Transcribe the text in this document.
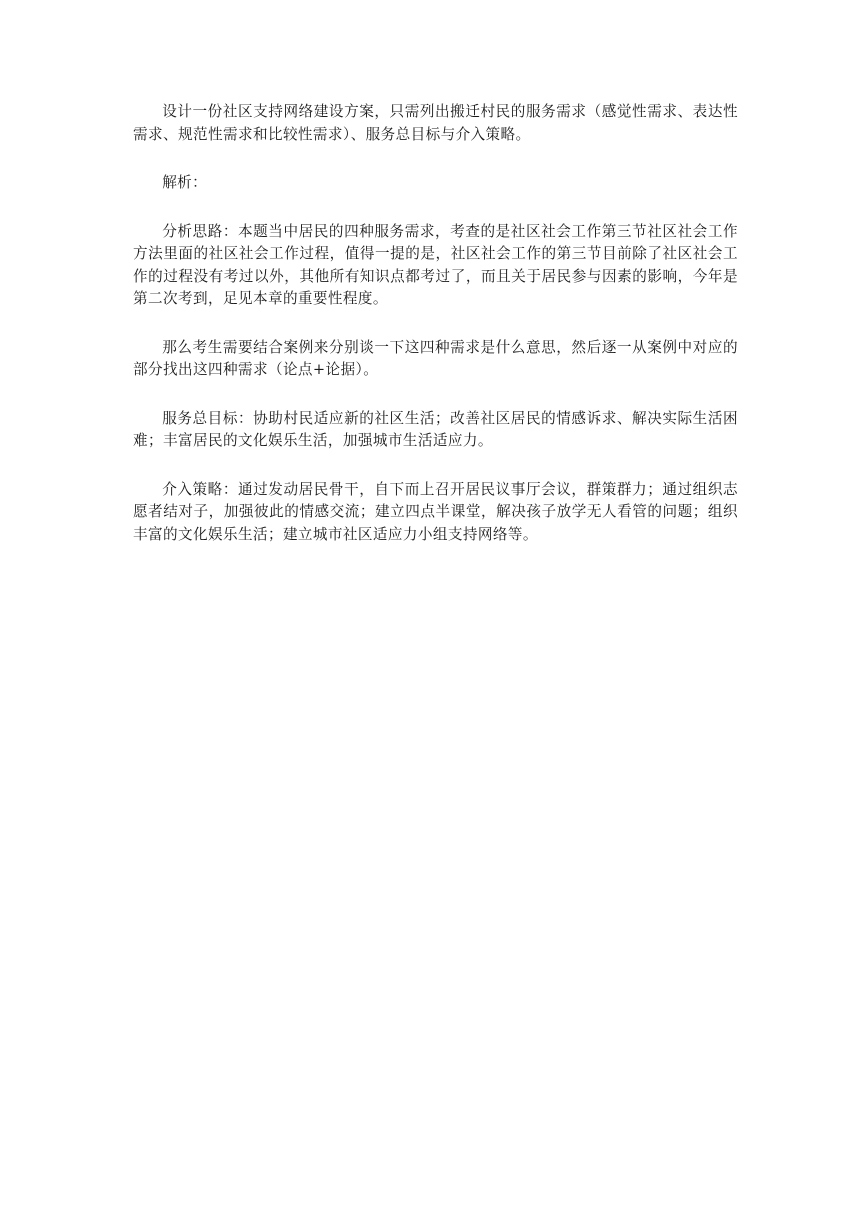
设计一份社区支持网络建设方案，只需列出搬迁村民的服务需求（感觉性需求、表达性需求、规范性需求和比较性需求）、服务总目标与介入策略。

解析：

分析思路：本题当中居民的四种服务需求，考查的是社区社会工作第三节社区社会工作方法里面的社区社会工作过程，值得一提的是，社区社会工作的第三节目前除了社区社会工作的过程没有考过以外，其他所有知识点都考过了，而且关于居民参与因素的影响，今年是第二次考到，足见本章的重要性程度。

那么考生需要结合案例来分别谈一下这四种需求是什么意思，然后逐一从案例中对应的部分找出这四种需求（论点+论据）。

服务总目标：协助村民适应新的社区生活；改善社区居民的情感诉求、解决实际生活困难；丰富居民的文化娱乐生活，加强城市生活适应力。

介入策略：通过发动居民骨干，自下而上召开居民议事厅会议，群策群力；通过组织志愿者结对子，加强彼此的情感交流；建立四点半课堂，解决孩子放学无人看管的问题；组织丰富的文化娱乐生活；建立城市社区适应力小组支持网络等。
